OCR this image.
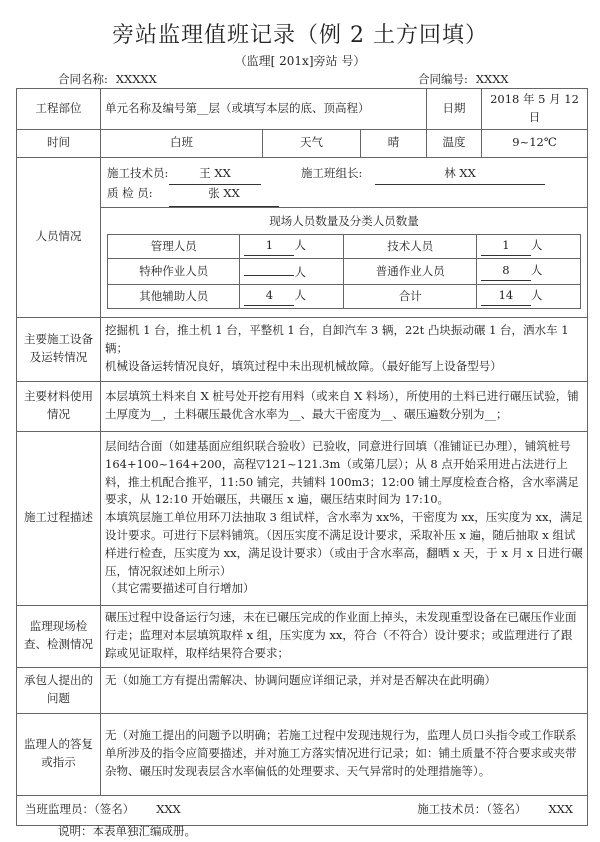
旁站监理值班记录（例 2 土方回填）
（监理[ 201x]旁站 号）
合同名称: XXXXX	合同编号: XXXX
工程部位	单元名称及编号第__层（或填写本层的底、顶高程）	日期	2018 年 5 月 12 日
时间	白班	天气	晴	温度	9~12℃
人员情况	
施工技术员:	王 XX	施工班组长:	林 XX
质 检 员:	张 XX
现场人员数量及分类人员数量
管理人员	1 人	技术人员	1 人
特种作业人员	人	普通作业人员	8 人
其他辅助人员	4 人	合计	14 人

主要施工设备及运转情况	
挖掘机 1 台，推土机 1 台，平整机 1 台，自卸汽车 3 辆，22t 凸块振动碾 1 台，洒水车 1 辆；
机械设备运转情况良好，填筑过程中未出现机械故障。（最好能写上设备型号）

主要材料使用情况	本层填筑土料来自 X 桩号处开挖有用料（或来自 X 料场），所使用的土料已进行碾压试验，铺土厚度为__，土料碾压最优含水率为__、最大干密度为__、碾压遍数分别为__；
施工过程描述	
层间结合面（如建基面应组织联合验收）已验收，同意进行回填（准铺证已办理），铺筑桩号 164+100~164+200，高程▽121~121.3m（或第几层）；从 8 点开始采用进占法进行上料，推土机配合推平，11:50 铺完，共铺料 100m3；12:00 铺土厚度检查合格，含水率满足要求，从 12:10 开始碾压，共碾压 x 遍，碾压结束时间为 17:10。
本填筑层施工单位用环刀法抽取 3 组试样，含水率为 xx%，干密度为 xx，压实度为 xx，满足设计要求。可进行下层料铺筑。（因压实度不满足设计要求，采取补压 x 遍，随后抽取 x 组试样进行检查，压实度为 xx，满足设计要求）（或由于含水率高，翻晒 x 天，于 x 月 x 日进行碾压，情况叙述如上所示）
（其它需要描述可自行增加）

监理现场检查、检测情况	碾压过程中设备运行匀速，未在已碾压完成的作业面上掉头，未发现重型设备在已碾压作业面行走；监理对本层填筑取样 x 组，压实度为 xx，符合（不符合）设计要求；或监理进行了跟踪或见证取样，取样结果符合要求；
承包人提出的问题	无（如施工方有提出需解决、协调问题应详细记录，并对是否解决在此明确）
监理人的答复或指示	无（对施工提出的问题予以明确；若施工过程中发现违规行为，监理人员口头指令或工作联系单所涉及的指令应简要描述，并对施工方落实情况进行记录；如：铺土质量不符合要求或夹带杂物、碾压时发现表层含水率偏低的处理要求、天气异常时的处理措施等）。

当班监理员：（签名） XXX	施工技术员：（签名） XXX
说明：本表单独汇编成册。
